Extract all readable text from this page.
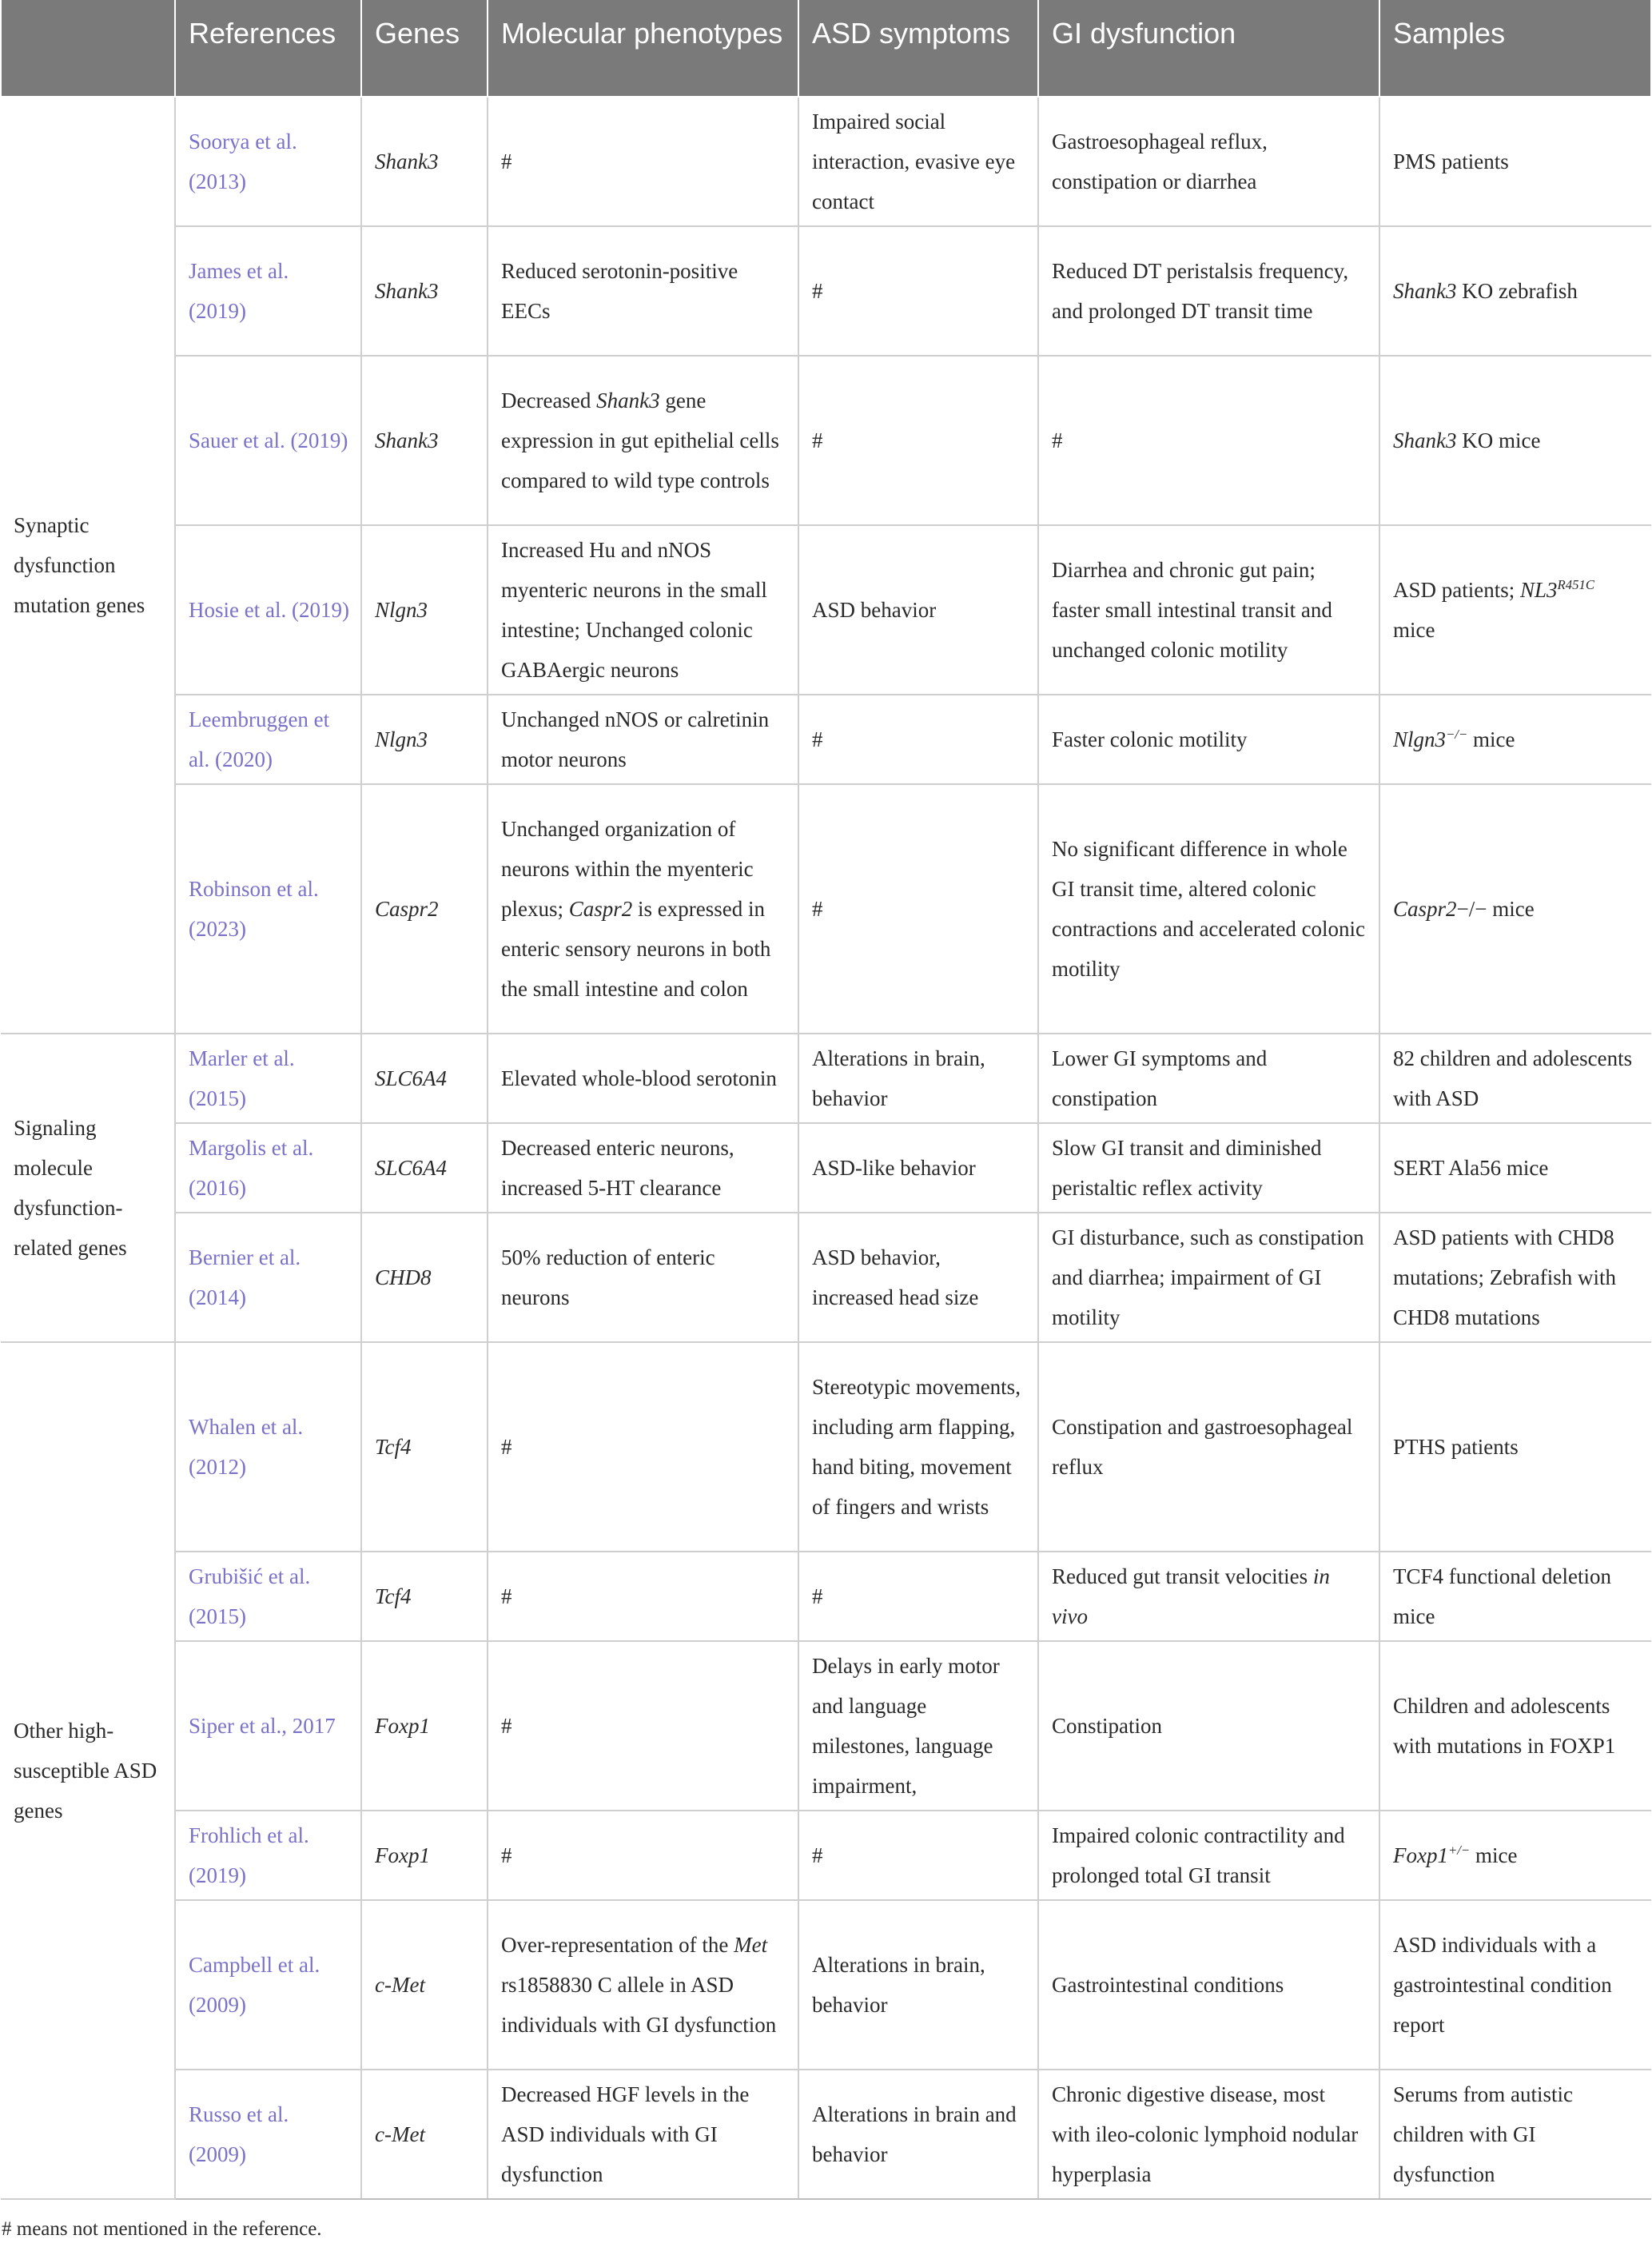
	References	Genes	Molecular phenotypes	ASD symptoms	GI dysfunction	Samples
Synaptic dysfunction mutation genes	Soorya et al. (2013)	Shank3	#	Impaired social interaction, evasive eye contact	Gastroesophageal reflux, constipation or diarrhea	PMS patients
	James et al. (2019)	Shank3	Reduced serotonin-positive EECs	#	Reduced DT peristalsis frequency, and prolonged DT transit time	Shank3 KO zebrafish
	Sauer et al. (2019)	Shank3	Decreased Shank3 gene expression in gut epithelial cells compared to wild type controls	#	#	Shank3 KO mice
	Hosie et al. (2019)	Nlgn3	Increased Hu and nNOS myenteric neurons in the small intestine; Unchanged colonic GABAergic neurons	ASD behavior	Diarrhea and chronic gut pain; faster small intestinal transit and unchanged colonic motility	ASD patients; $NL3^{R451C}$ mice
	Leembruggen et al. (2020)	Nlgn3	Unchanged nNOS or calretinin motor neurons	#	Faster colonic motility	Nlgn3−/− mice
	Robinson et al. (2023)	Caspr2	Unchanged organization of neurons within the myenteric plexus; Caspr2 is expressed in enteric sensory neurons in both the small intestine and colon	#	No significant difference in whole GI transit time, altered colonic contractions and accelerated colonic motility	Caspr2−/− mice
Signaling molecule dysfunction-related genes	Marler et al. (2015)	SLC6A4	Elevated whole-blood serotonin	Alterations in brain, behavior	Lower GI symptoms and constipation	82 children and adolescents with ASD
	Margolis et al. (2016)	SLC6A4	Decreased enteric neurons, increased 5-HT clearance	ASD-like behavior	Slow GI transit and diminished peristaltic reflex activity	SERT Ala56 mice
	Bernier et al. (2014)	CHD8	50% reduction of enteric neurons	ASD behavior, increased head size	GI disturbance, such as constipation and diarrhea; impairment of GI motility	ASD patients with CHD8 mutations; Zebrafish with CHD8 mutations
Other high-susceptible ASD genes	Whalen et al. (2012)	Tcf4	#	Stereotypic movements, including arm flapping, hand biting, movement of fingers and wrists	Constipation and gastroesophageal reflux	PTHS patients
	Grubišić et al. (2015)	Tcf4	#	#	Reduced gut transit velocities in vivo	TCF4 functional deletion mice
	Siper et al., 2017	Foxp1	#	Delays in early motor and language milestones, language impairment,	Constipation	Children and adolescents with mutations in FOXP1
	Frohlich et al. (2019)	Foxp1	#	#	Impaired colonic contractility and prolonged total GI transit	Foxp1+/− mice
	Campbell et al. (2009)	c-Met	Over-representation of the Met rs1858830 C allele in ASD individuals with GI dysfunction	Alterations in brain, behavior	Gastrointestinal conditions	ASD individuals with a gastrointestinal condition report
	Russo et al. (2009)	c-Met	Decreased HGF levels in the ASD individuals with GI dysfunction	Alterations in brain and behavior	Chronic digestive disease, most with ileo-colonic lymphoid nodular hyperplasia	Serums from autistic children with GI dysfunction
# means not mentioned in the reference.
